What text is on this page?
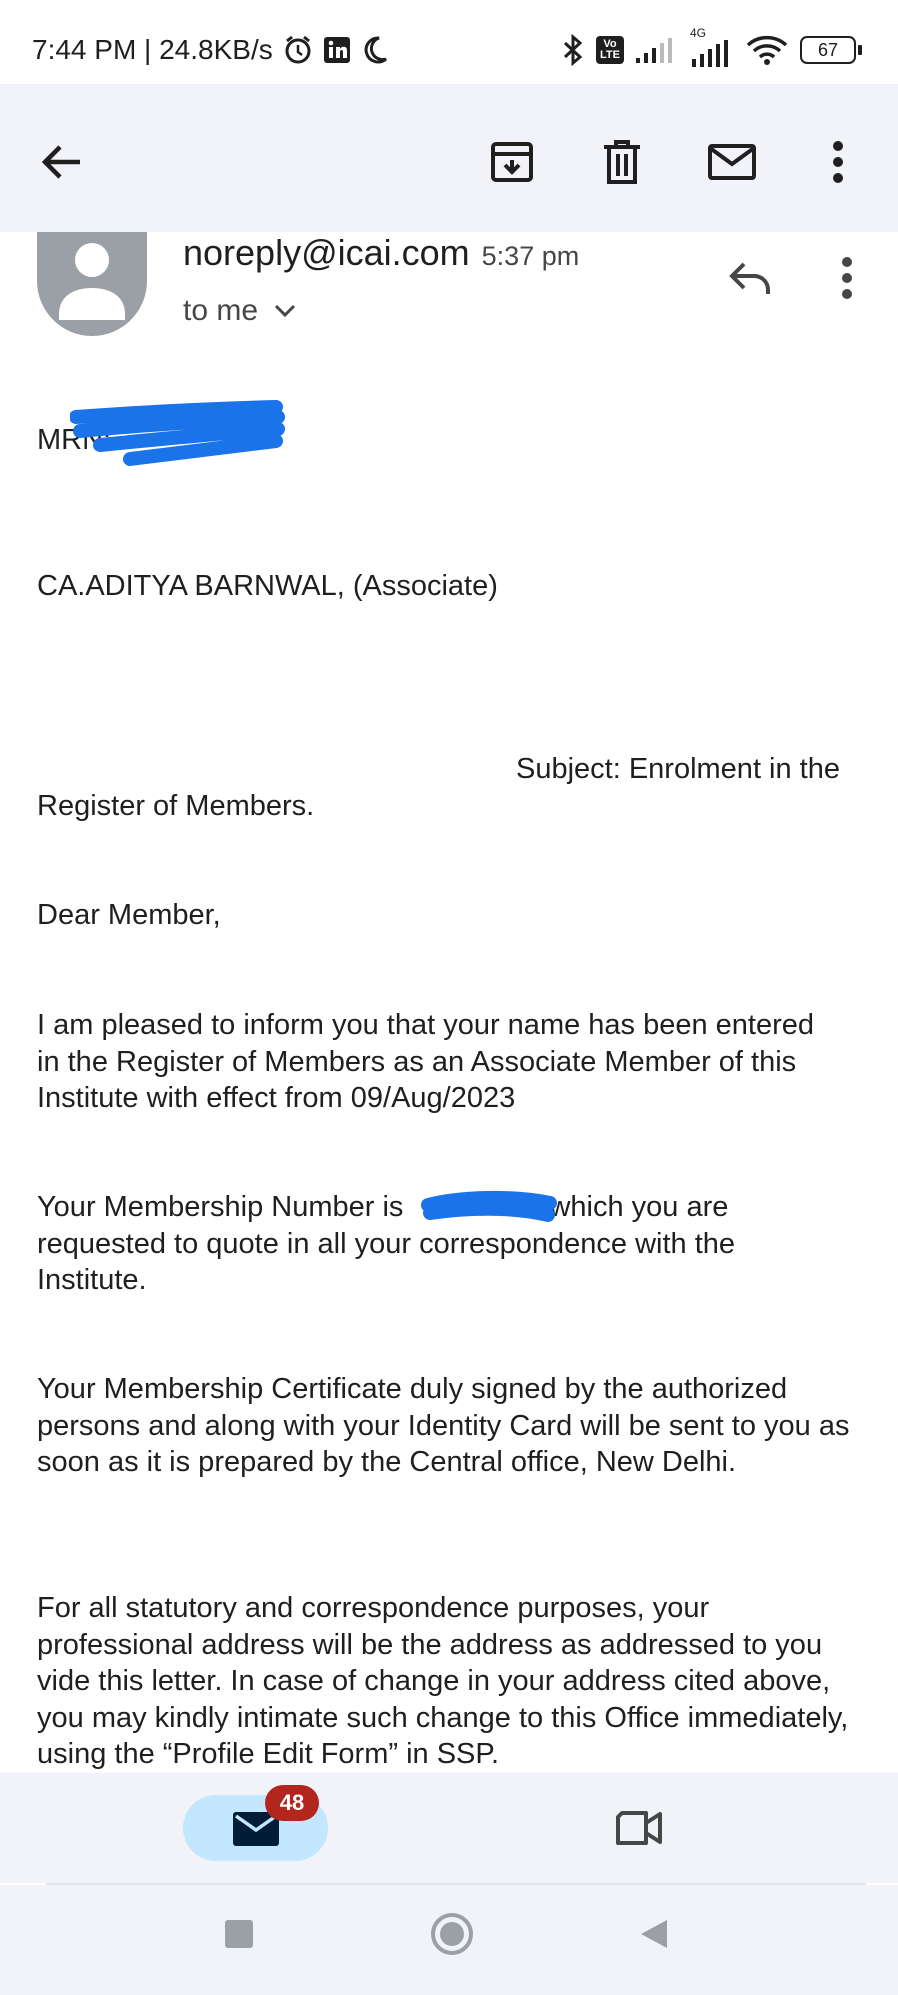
7:44 PM | 24.8KB/s	Vo LTE
4G
67
noreply@icai.com 5:37 pm
to me
MRN:
CA.ADITYA BARNWAL, (Associate)
Subject: Enrolment in the
Register of Members.
Dear Member,
I am pleased to inform you that your name has been entered in the Register of Members as an Associate Member of this Institute with effect from 09/Aug/2023
Your Membership Number is	,which you are requested to quote in all your correspondence with the Institute.
Your Membership Certificate duly signed by the authorized persons and along with your Identity Card will be sent to you as soon as it is prepared by the Central office, New Delhi.
For all statutory and correspondence purposes, your professional address will be the address as addressed to you vide this letter. In case of change in your address cited above, you may kindly intimate such change to this Office immediately, using the “Profile Edit Form” in SSP.
48
